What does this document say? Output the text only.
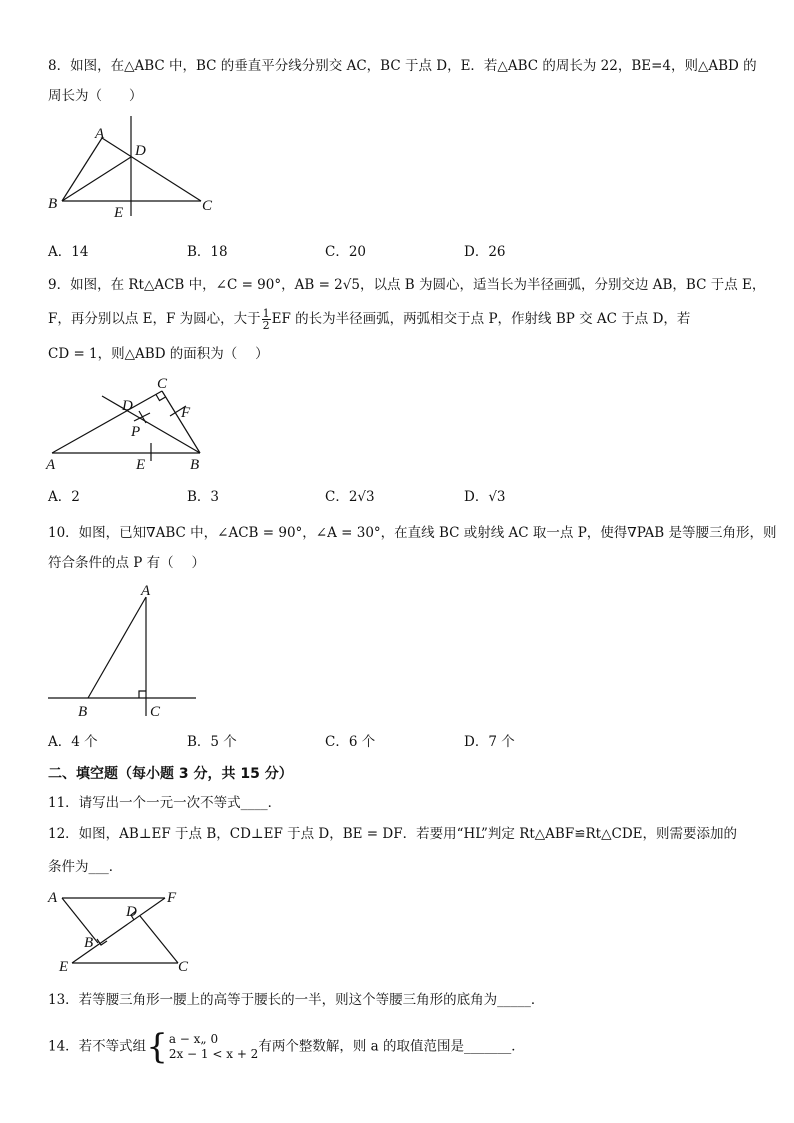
8．如图，在△ABC 中，BC 的垂直平分线分别交 AC，BC 于点 D，E．若△ABC 的周长为 22，BE=4，则△ABD 的
周长为（　　）
A
B	C
D
E
A．14	B．18	C．20	D．26
9．如图，在 Rt△ACB 中，∠C = 90°，AB = 2√5，以点 B 为圆心，适当长为半径画弧，分别交边 AB，BC 于点 E，
F，再分别以点 E，F 为圆心，大于 $\frac{1}{2}$ EF 的长为半径画弧，两弧相交于点 P，作射线 BP 交 AC 于点 D，若
CD = 1，则△ABD 的面积为（　 ）
C
D	F
P
A	E	B
A．2	B．3	C．2√3	D．√3
10．如图，已知∇ABC 中，∠ACB = 90°，∠A = 30°，在直线 BC 或射线 AC 取一点 P，使得∇PAB 是等腰三角形，则
符合条件的点 P 有（　 ）
A
B	C
A．4 个	B．5 个	C．6 个	D．7 个
二、填空题（每小题 3 分，共 15 分）
11．请写出一个一元一次不等式____．
12．如图，AB⊥EF 于点 B，CD⊥EF 于点 D，BE = DF．若要用“HL”判定 Rt△ABF≌Rt△CDE，则需要添加的
条件为___．
A	F
D
B
E	C
13．若等腰三角形一腰上的高等于腰长的一半，则这个等腰三角形的底角为_____．
14．若不等式组{ a − x„ 0
2x − 1 < x + 2 有两个整数解，则 a 的取值范围是_______．
